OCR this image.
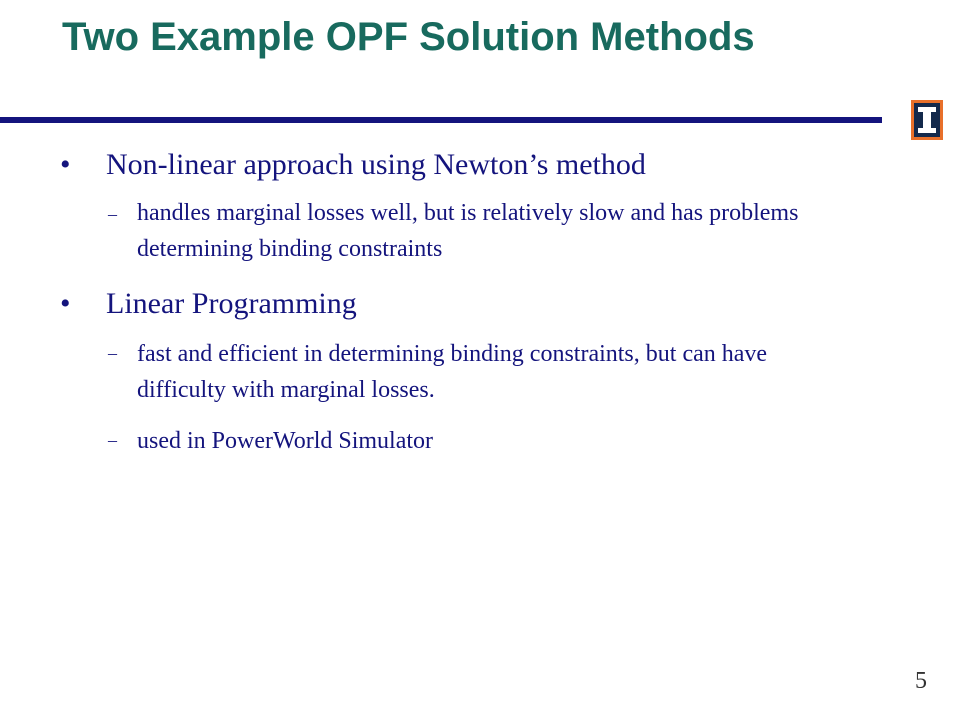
Two Example OPF Solution Methods
• Non-linear approach using Newton’s method
– handles marginal losses well, but is relatively slow and has problems determining binding constraints
• Linear Programming
– fast and efficient in determining binding constraints, but can have difficulty with marginal losses.
– used in PowerWorld Simulator
5
